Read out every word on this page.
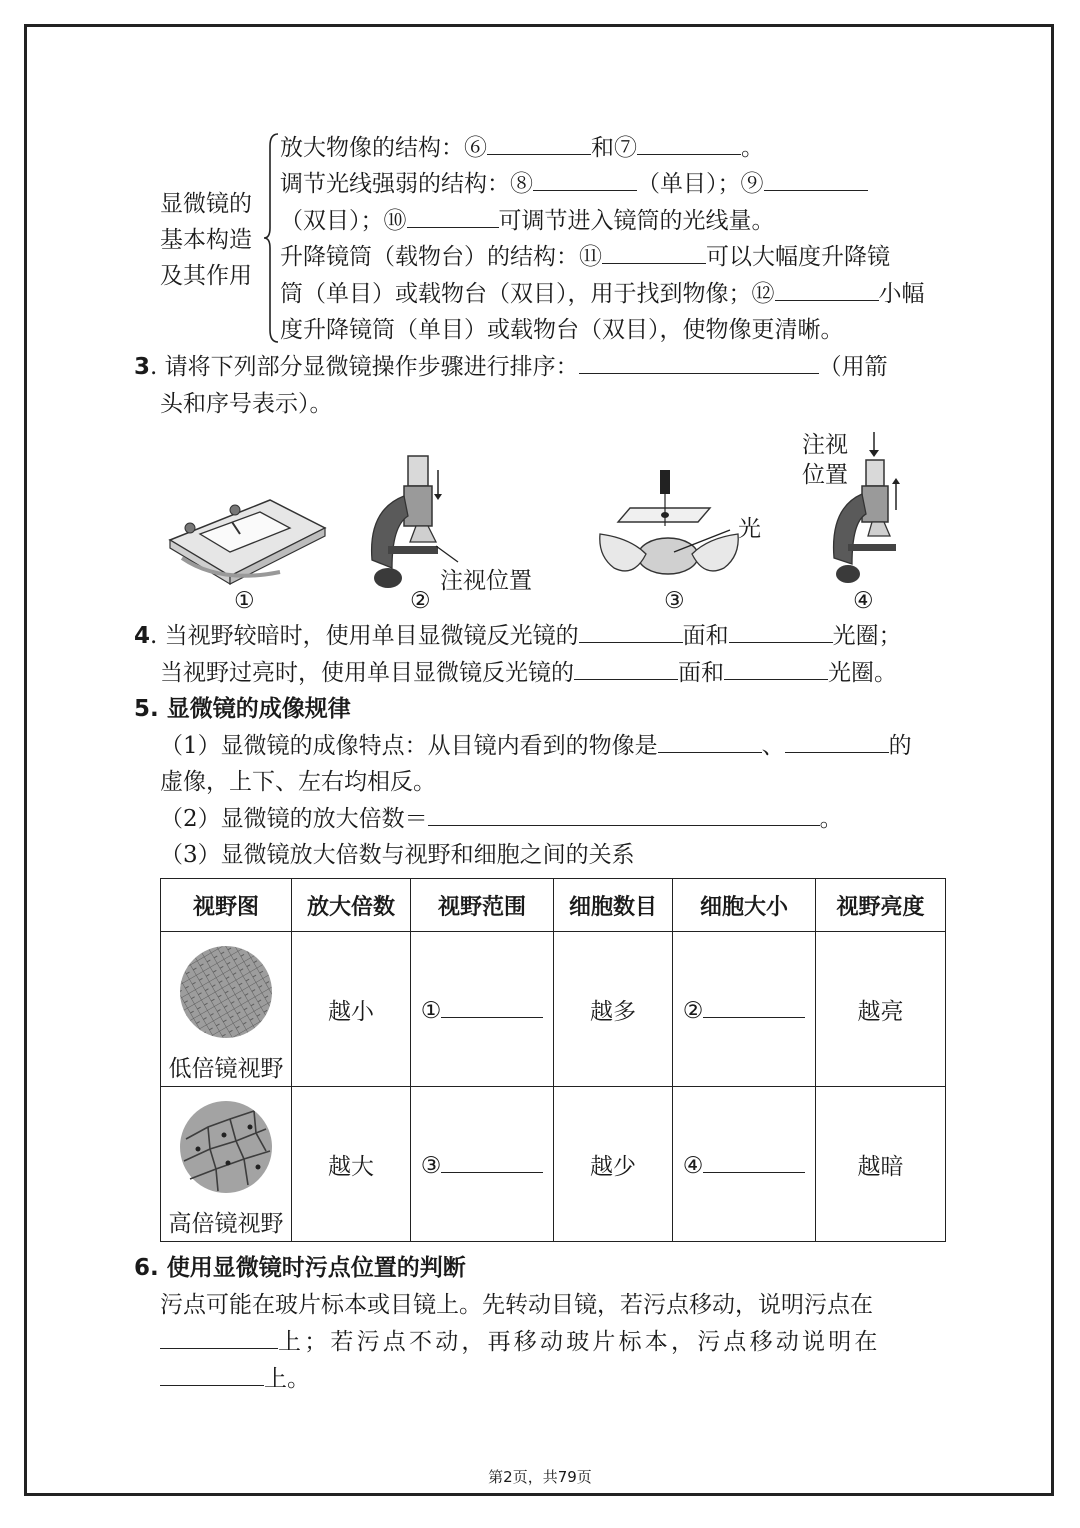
显微镜的
基本构造
及其作用
放大物像的结构：⑥	和⑦	。
调节光线强弱的结构：⑧	（单目）；⑨
（双目）；⑩	可调节进入镜筒的光线量。
升降镜筒（载物台）的结构：⑪	可以大幅度升降镜
筒（单目）或载物台（双目），用于找到物像；⑫	小幅
度升降镜筒（单目）或载物台（双目），使物像更清晰。
3. 请将下列部分显微镜操作步骤进行排序：	（用箭
头和序号表示）。
①
注视位置
②
光
③
注视
位置
④
4. 当视野较暗时，使用单目显微镜反光镜的	面和	光圈；
当视野过亮时，使用单目显微镜反光镜的	面和	光圈。
5. 显微镜的成像规律
（1）显微镜的成像特点：从目镜内看到的物像是	、	的
虚像，上下、左右均相反。
（2）显微镜的放大倍数＝	。
（3）显微镜放大倍数与视野和细胞之间的关系
视野图	放大倍数	视野范围	细胞数目	细胞大小	视野亮度

低倍镜视野	越小	①	越多	②	越亮

高倍镜视野	越大	③	越少	④	越暗
6. 使用显微镜时污点位置的判断
污点可能在玻片标本或目镜上。先转动目镜，若污点移动，说明污点在
上；若污点不动，再移动玻片标本，污点移动说明在
上。
第2页，共79页
